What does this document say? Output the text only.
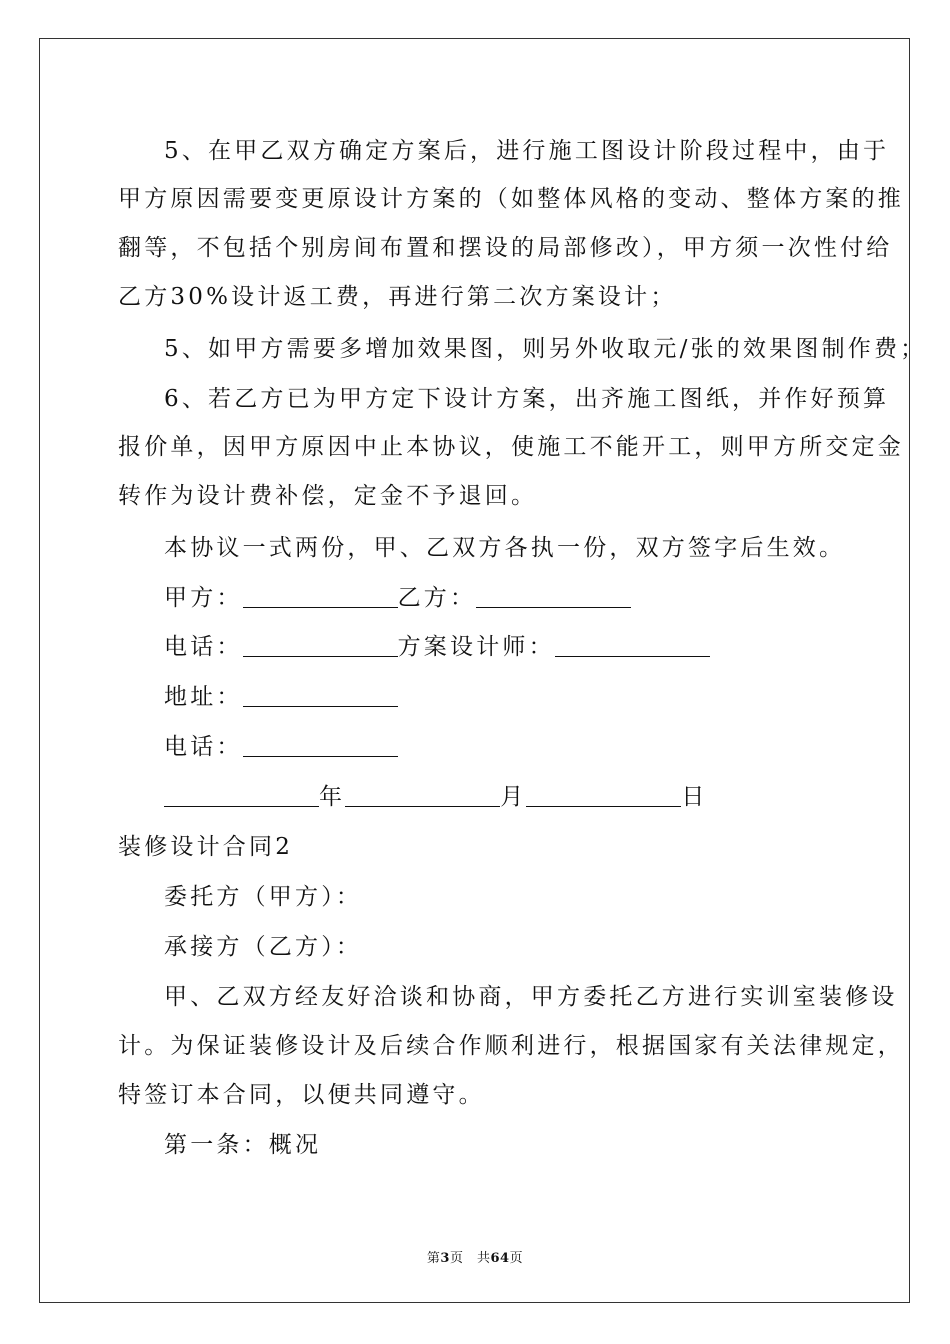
5、在甲乙双方确定方案后，进行施工图设计阶段过程中，由于
甲方原因需要变更原设计方案的（如整体风格的变动、整体方案的推
翻等，不包括个别房间布置和摆设的局部修改），甲方须一次性付给
乙方30%设计返工费，再进行第二次方案设计；
5、如甲方需要多增加效果图，则另外收取元/张的效果图制作费；
6、若乙方已为甲方定下设计方案，出齐施工图纸，并作好预算
报价单，因甲方原因中止本协议，使施工不能开工，则甲方所交定金
转作为设计费补偿，定金不予退回。
本协议一式两份，甲、乙双方各执一份，双方签字后生效。
甲方：	乙方：
电话：	方案设计师：
地址：
电话：
年	月	日
装修设计合同2
委托方（甲方）：
承接方（乙方）：
甲、乙双方经友好洽谈和协商，甲方委托乙方进行实训室装修设
计。为保证装修设计及后续合作顺利进行，根据国家有关法律规定，
特签订本合同，以便共同遵守。
第一条：概况
第3页　共64页
